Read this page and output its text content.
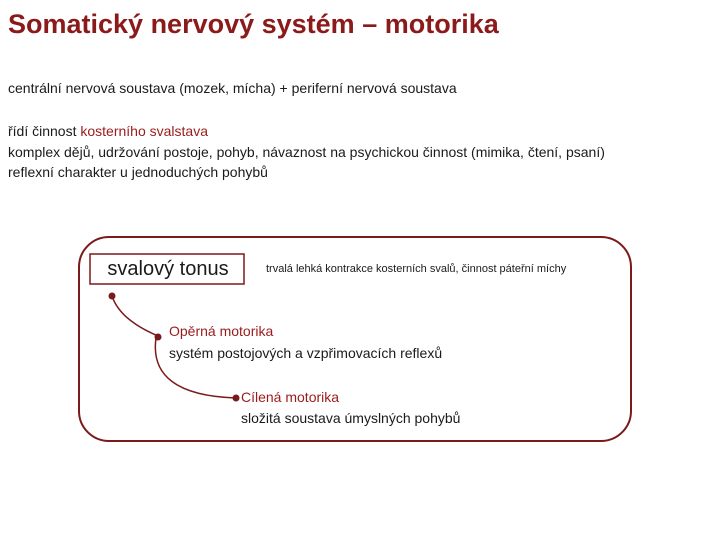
Somatický nervový systém – motorika
centrální nervová soustava (mozek, mícha) + periferní nervová soustava
řídí činnost kosterního svalstava
komplex dějů, udržování postoje, pohyb, návaznost na psychickou činnost (mimika, čtení, psaní)
reflexní charakter u jednoduchých pohybů
svalový tonus	trvalá lehká kontrakce kosterních svalů, činnost páteřní míchy
Opěrná motorika
systém postojových a vzpřimovacích reflexů
Cílená motorika
složitá soustava úmyslných pohybů
